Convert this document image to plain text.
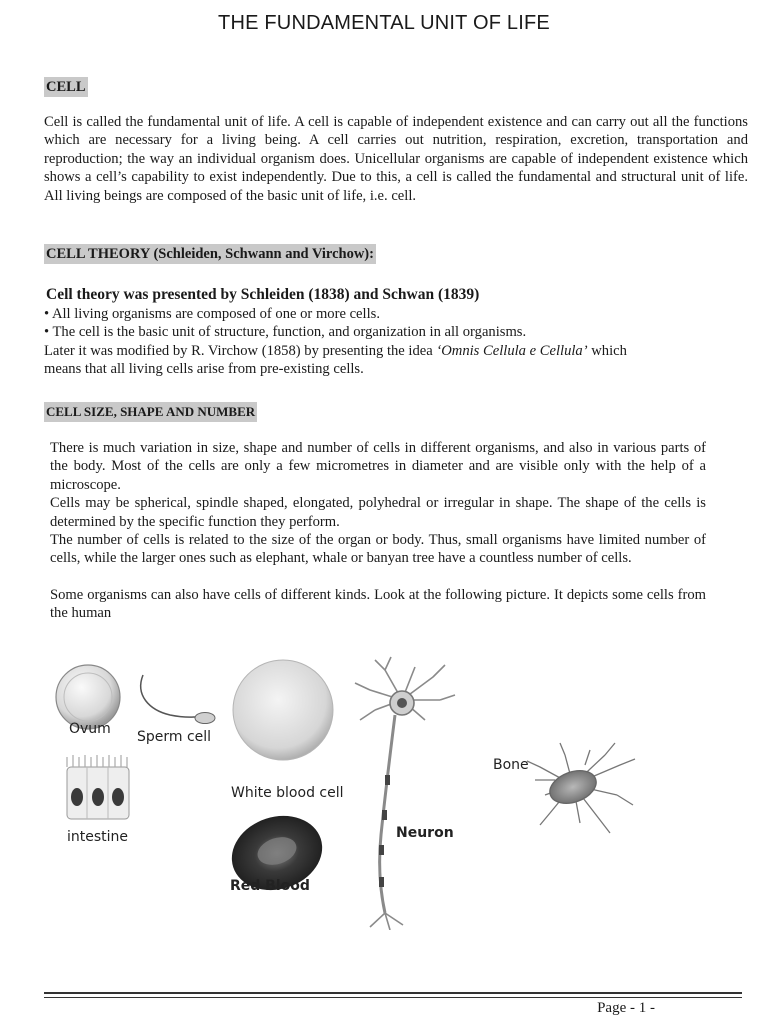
THE FUNDAMENTAL UNIT OF LIFE
CELL

Cell is called the fundamental unit of life. A cell is capable of independent existence and can carry out all the functions which are necessary for a living being. A cell carries out nutrition, respiration, excretion, transportation and reproduction; the way an individual organism does. Unicellular organisms are capable of independent existence which shows a cell’s capability to exist independently. Due to this, a cell is called the fundamental and structural unit of life. All living beings are composed of the basic unit of life, i.e. cell.

CELL THEORY (Schleiden, Schwann and Virchow):
Cell theory was presented by Schleiden (1838) and Schwan (1839)
• All living organisms are composed of one or more cells.
• The cell is the basic unit of structure, function, and organization in all organisms.
Later it was modified by R. Virchow (1858) by presenting the idea ‘Omnis Cellula e Cellula’ which
means that all living cells arise from pre-existing cells.
CELL SIZE, SHAPE AND NUMBER

There is much variation in size, shape and number of cells in different organisms, and also in various parts of the body. Most of the cells are only a few micrometres in diameter and are visible only with the help of a microscope.

Cells may be spherical, spindle shaped, elongated, polyhedral or irregular in shape. The shape of the cells is determined by the specific function they perform.

The number of cells is related to the size of the organ or body. Thus, small organisms have limited number of cells, while the larger ones such as elephant, whale or banyan tree have a countless number of cells.

Some organisms can also have cells of different kinds. Look at the following picture. It depicts some cells from the human

Ovum Sperm cell
intestine
White blood cell
Red Blood
Neuron
Bone
Page - 1 -
